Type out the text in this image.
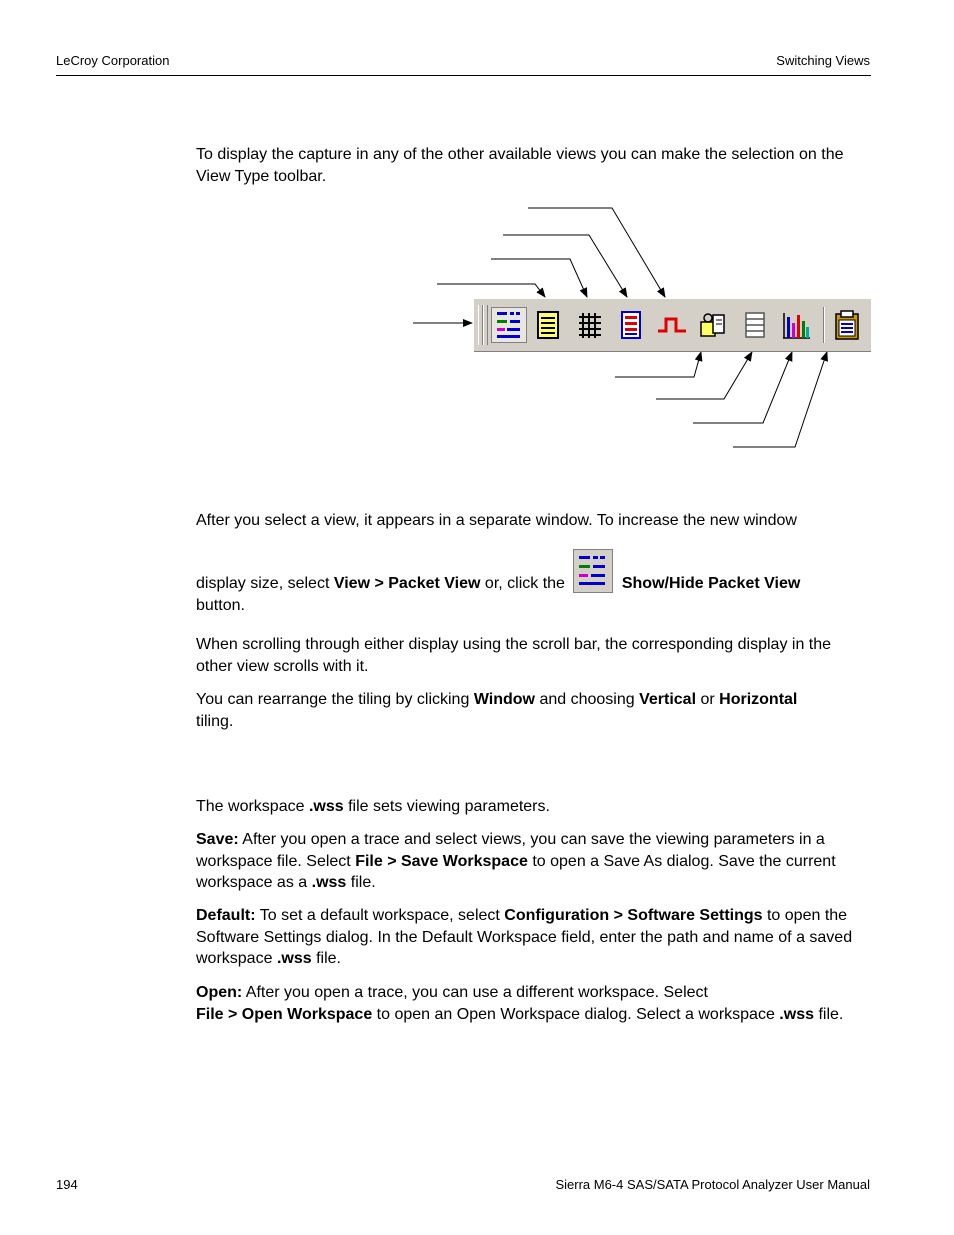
LeCroy Corporation	Switching Views

To display the capture in any of the other available views you can make the selection on the View Type toolbar.

After you select a view, it appears in a separate window. To increase the new window

display size, select View > Packet View or, click the	Show/Hide Packet View
button.

When scrolling through either display using the scroll bar, the corresponding display in the other view scrolls with it.

You can rearrange the tiling by clicking Window and choosing Vertical or Horizontal
tiling.

The workspace .wss file sets viewing parameters.

Save: After you open a trace and select views, you can save the viewing parameters in a workspace file. Select File > Save Workspace to open a Save As dialog. Save the current workspace as a .wss file.

Default: To set a default workspace, select Configuration > Software Settings to open the Software Settings dialog. In the Default Workspace field, enter the path and name of a saved workspace .wss file.

Open: After you open a trace, you can use a different workspace. Select
File > Open Workspace to open an Open Workspace dialog. Select a workspace .wss file.

194	Sierra M6-4 SAS/SATA Protocol Analyzer User Manual
